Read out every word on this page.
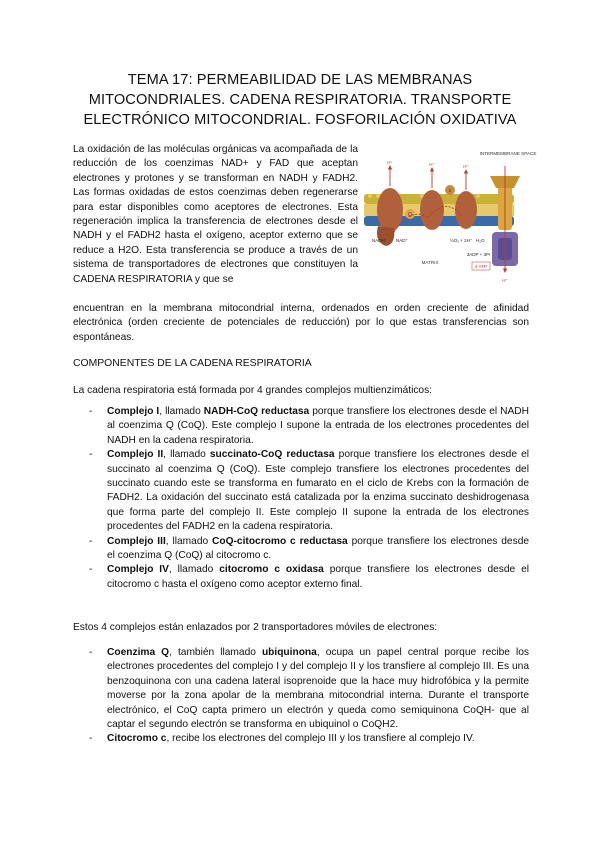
TEMA 17: PERMEABILIDAD DE LAS MEMBRANAS
MITOCONDRIALES. CADENA RESPIRATORIA. TRANSPORTE
ELECTRÓNICO MITOCONDRIAL. FOSFORILACIÓN OXIDATIVA

La oxidación de las moléculas orgánicas va acompañada de la reducción de los coenzimas NAD+ y FAD que aceptan electrones y protones y se transforman en NADH y FADH2. Las formas oxidadas de estos coenzimas deben regenerarse para estar disponibles como aceptores de electrones. Esta regeneración implica la transferencia de electrones desde el NADH y el FADH2 hasta el oxígeno, aceptor externo que se reduce a H2O. Esta transferencia se produce a través de un sistema de transportadores de electrones que constituyen la CADENA RESPIRATORIA y que se

INTERMEMBRANE SPACE
Q
c
H⁺	H⁺	H⁺
NADH NAD⁺	½O₂ + 2H⁺ H₂O
MATRIX
3ADP + 3Pi
3 ATP
H⁺

encuentran en la membrana mitocondrial interna, ordenados en orden creciente de afinidad electrónica (orden creciente de potenciales de reducción) por lo que estas transferencias son espontáneas.

COMPONENTES DE LA CADENA RESPIRATORIA

La cadena respiratoria está formada por 4 grandes complejos multienzimáticos:

- Complejo I, llamado NADH-CoQ reductasa porque transfiere los electrones desde el NADH al coenzima Q (CoQ). Este complejo I supone la entrada de los electrones procedentes del NADH en la cadena respiratoria.
- Complejo II, llamado succinato-CoQ reductasa porque transfiere los electrones desde el succinato al coenzima Q (CoQ). Este complejo transfiere los electrones procedentes del succinato cuando este se transforma en fumarato en el ciclo de Krebs con la formación de FADH2. La oxidación del succinato está catalizada por la enzima succinato deshidrogenasa que forma parte del complejo II. Este complejo II supone la entrada de los electrones procedentes del FADH2 en la cadena respiratoria.
- Complejo III, llamado CoQ-citocromo c reductasa porque transfiere los electrones desde el coenzima Q (CoQ) al citocromo c.
- Complejo IV, llamado citocromo c oxidasa porque transfiere los electrones desde el citocromo c hasta el oxígeno como aceptor externo final.

Estos 4 complejos están enlazados por 2 transportadores móviles de electrones:

- Coenzima Q, también llamado ubiquinona, ocupa un papel central porque recibe los electrones procedentes del complejo I y del complejo II y los transfiere al complejo III. Es una benzoquinona con una cadena lateral isoprenoide que la hace muy hidrofóbica y la permite moverse por la zona apolar de la membrana mitocondrial interna. Durante el transporte electrónico, el CoQ capta primero un electrón y queda como semiquinona CoQH- que al captar el segundo electrón se transforma en ubiquinol o CoQH2.
- Citocromo c, recibe los electrones del complejo III y los transfiere al complejo IV.
